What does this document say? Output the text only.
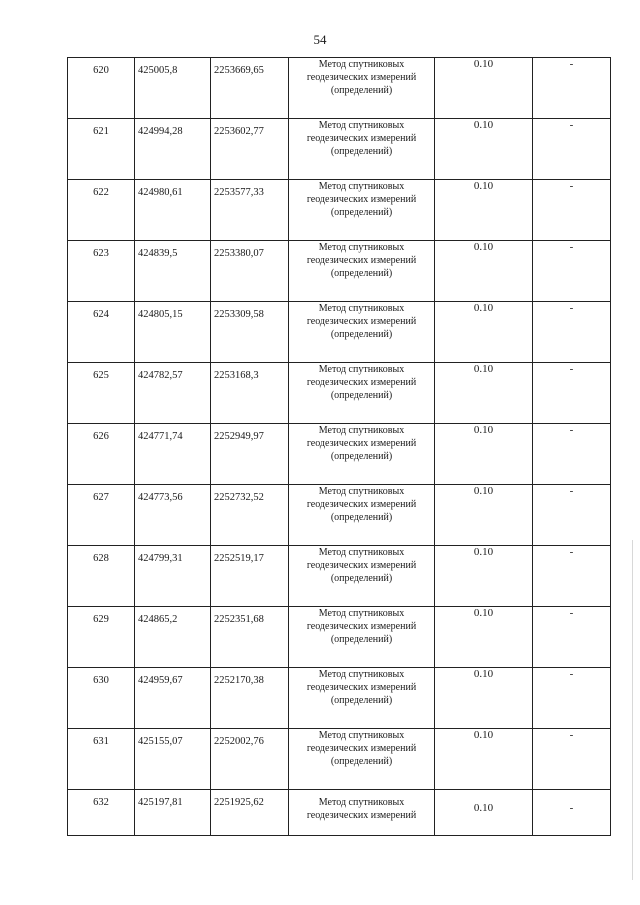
54
620	425005,8	2253669,65	Метод спутниковых
геодезических измерений
(определений)	0.10	-

621	424994,28	2253602,77	Метод спутниковых
геодезических измерений
(определений)	0.10	-

622	424980,61	2253577,33	Метод спутниковых
геодезических измерений
(определений)	0.10	-

623	424839,5	2253380,07	Метод спутниковых
геодезических измерений
(определений)	0.10	-

624	424805,15	2253309,58	Метод спутниковых
геодезических измерений
(определений)	0.10	-

625	424782,57	2253168,3	Метод спутниковых
геодезических измерений
(определений)	0.10	-

626	424771,74	2252949,97	Метод спутниковых
геодезических измерений
(определений)	0.10	-

627	424773,56	2252732,52	Метод спутниковых
геодезических измерений
(определений)	0.10	-

628	424799,31	2252519,17	Метод спутниковых
геодезических измерений
(определений)	0.10	-

629	424865,2	2252351,68	Метод спутниковых
геодезических измерений
(определений)	0.10	-

630	424959,67	2252170,38	Метод спутниковых
геодезических измерений
(определений)	0.10	-

631	425155,07	2252002,76	Метод спутниковых
геодезических измерений
(определений)	0.10	-

632	425197,81	2251925,62	Метод спутниковых
геодезических измерений	0.10	-
